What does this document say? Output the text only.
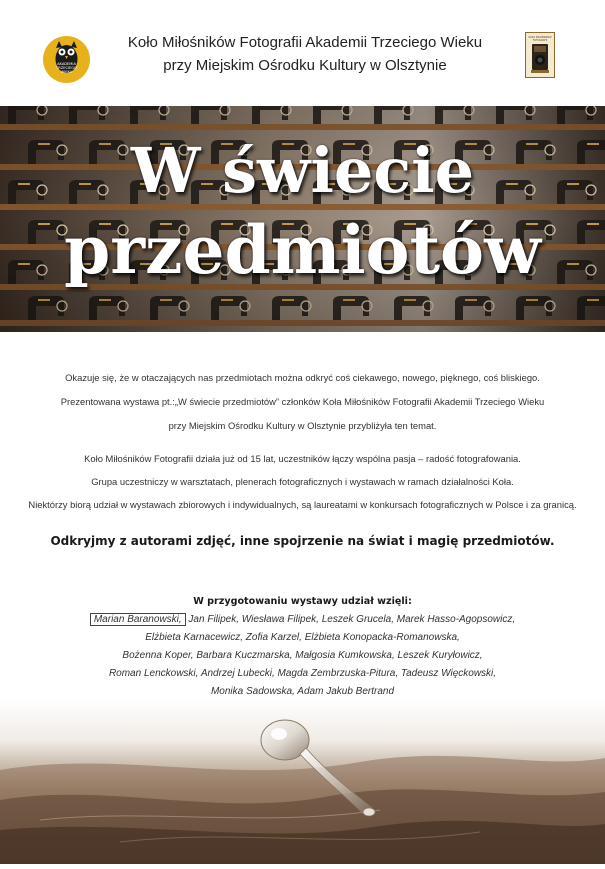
AKADEMIA
TRZECIEGO
WIEKU
Koło Miłośników Fotografii Akademii Trzeciego Wieku
przy Miejskim Ośrodku Kultury w Olsztynie
KOŁO MIŁOŚNIKÓW
FOTOGRAFII
W świecie
przedmiotów
Okazuje się, że w otaczających nas przedmiotach można odkryć coś ciekawego, nowego, pięknego, coś bliskiego.
Prezentowana wystawa pt.:„W świecie przedmiotów” członków Koła Miłośników Fotografii Akademii Trzeciego Wieku
przy Miejskim Ośrodku Kultury w Olsztynie przybliżyła ten temat.
Koło Miłośników Fotografii działa już od 15 lat, uczestników łączy wspólna pasja – radość fotografowania.
Grupa uczestniczy w warsztatach, plenerach fotograficznych i wystawach w ramach działalności Koła.
Niektórzy biorą udział w wystawach zbiorowych i indywidualnych, są laureatami w konkursach fotograficznych w Polsce i za granicą.
Odkryjmy z autorami zdjęć, inne spojrzenie na świat i magię przedmiotów.
W przygotowaniu wystawy udział wzięli:
Marian Baranowski, Jan Filipek, Wiesława Filipek, Leszek Grucela, Marek Hasso-Agopsowicz,
Elżbieta Karnacewicz, Zofia Karzel, Elżbieta Konopacka-Romanowska,
Bożenna Koper, Barbara Kuczmarska, Małgosia Kumkowska, Leszek Kuryłowicz,
Roman Lenckowski, Andrzej Lubecki, Magda Zembrzuska-Pitura, Tadeusz Więckowski,
Monika Sadowska, Adam Jakub Bertrand
